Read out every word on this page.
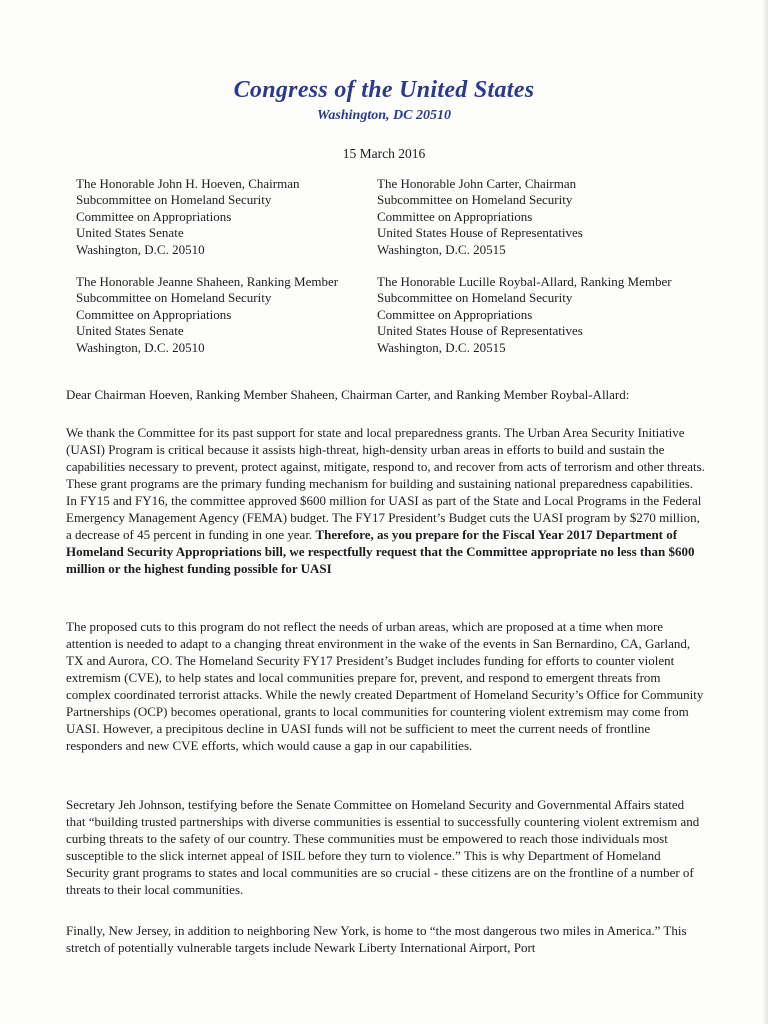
Congress of the United States
Washington, DC 20510
15 March 2016
The Honorable John H. Hoeven, Chairman
Subcommittee on Homeland Security
Committee on Appropriations
United States Senate
Washington, D.C. 20510
The Honorable John Carter, Chairman
Subcommittee on Homeland Security
Committee on Appropriations
United States House of Representatives
Washington, D.C. 20515
The Honorable Jeanne Shaheen, Ranking Member
Subcommittee on Homeland Security
Committee on Appropriations
United States Senate
Washington, D.C. 20510
The Honorable Lucille Roybal-Allard, Ranking Member
Subcommittee on Homeland Security
Committee on Appropriations
United States House of Representatives
Washington, D.C. 20515
Dear Chairman Hoeven, Ranking Member Shaheen, Chairman Carter, and Ranking Member Roybal-Allard:
We thank the Committee for its past support for state and local preparedness grants. The Urban Area Security Initiative (UASI) Program is critical because it assists high-threat, high-density urban areas in efforts to build and sustain the capabilities necessary to prevent, protect against, mitigate, respond to, and recover from acts of terrorism and other threats. These grant programs are the primary funding mechanism for building and sustaining national preparedness capabilities. In FY15 and FY16, the committee approved $600 million for UASI as part of the State and Local Programs in the Federal Emergency Management Agency (FEMA) budget. The FY17 President’s Budget cuts the UASI program by $270 million, a decrease of 45 percent in funding in one year. Therefore, as you prepare for the Fiscal Year 2017 Department of Homeland Security Appropriations bill, we respectfully request that the Committee appropriate no less than $600 million or the highest funding possible for UASI
The proposed cuts to this program do not reflect the needs of urban areas, which are proposed at a time when more attention is needed to adapt to a changing threat environment in the wake of the events in San Bernardino, CA, Garland, TX and Aurora, CO. The Homeland Security FY17 President’s Budget includes funding for efforts to counter violent extremism (CVE), to help states and local communities prepare for, prevent, and respond to emergent threats from complex coordinated terrorist attacks. While the newly created Department of Homeland Security’s Office for Community Partnerships (OCP) becomes operational, grants to local communities for countering violent extremism may come from UASI. However, a precipitous decline in UASI funds will not be sufficient to meet the current needs of frontline responders and new CVE efforts, which would cause a gap in our capabilities.
Secretary Jeh Johnson, testifying before the Senate Committee on Homeland Security and Governmental Affairs stated that “building trusted partnerships with diverse communities is essential to successfully countering violent extremism and curbing threats to the safety of our country. These communities must be empowered to reach those individuals most susceptible to the slick internet appeal of ISIL before they turn to violence.” This is why Department of Homeland Security grant programs to states and local communities are so crucial - these citizens are on the frontline of a number of threats to their local communities.
Finally, New Jersey, in addition to neighboring New York, is home to “the most dangerous two miles in America.” This stretch of potentially vulnerable targets include Newark Liberty International Airport, Port
